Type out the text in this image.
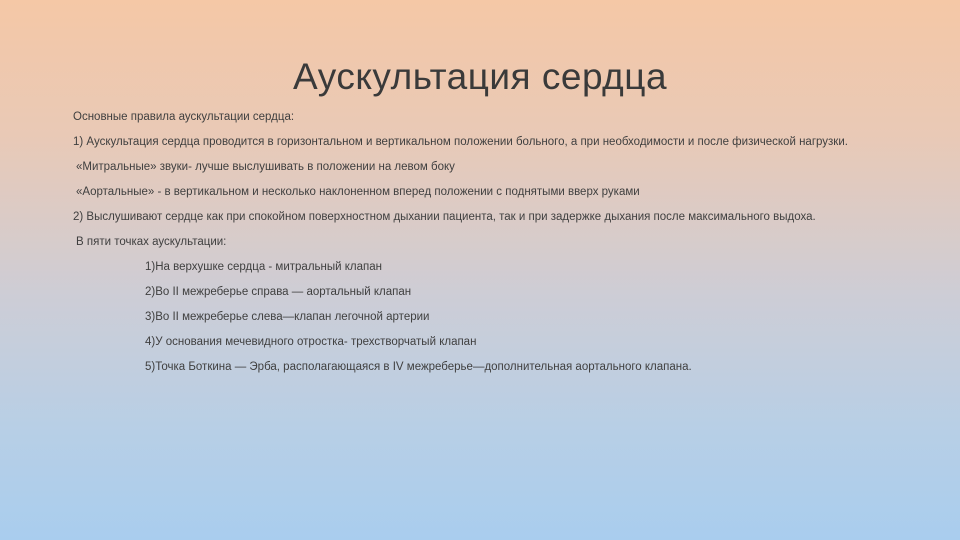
Аускультация сердца

Основные правила аускультации сердца:

1) Аускультация сердца проводится в горизонтальном и вертикальном положении больного, а при необходимости и после физической нагрузки.

«Митральные» звуки- лучше выслушивать в положении на левом боку

«Аортальные» - в вертикальном и несколько наклоненном вперед положении с поднятыми вверх руками

2) Выслушивают сердце как при спокойном поверхностном дыхании пациента, так и при задержке дыхания после максимального выдоха.

В пяти точках аускультации:

1)На верхушке сердца - митральный клапан
2)Во II межреберье справа — аортальный клапан
3)Во II межреберье слева—клапан легочной артерии
4)У основания мечевидного отростка- трехстворчатый клапан
5)Точка Боткина — Эрба, располагающаяся в IV межреберье—дополнительная аортального клапана.
